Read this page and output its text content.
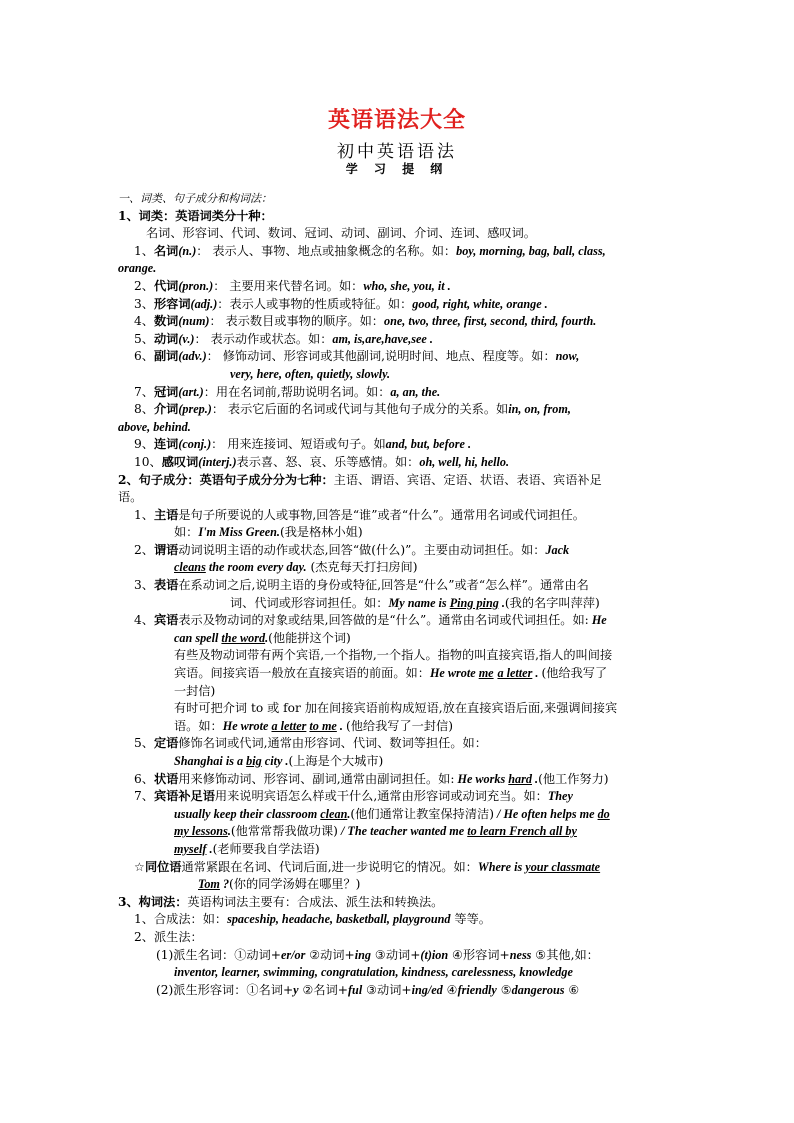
英语语法大全
初中英语语法
学 习 提 纲
一、词类、句子成分和构词法：
1、词类：英语词类分十种：
名词、形容词、代词、数词、冠词、动词、副词、介词、连词、感叹词。
1、名词(n.)： 表示人、事物、地点或抽象概念的名称。如：boy, morning, bag, ball, class,
orange.
2、代词(pron.)： 主要用来代替名词。如：who, she, you, it .
3、形容词(adj.)：表示人或事物的性质或特征。如：good, right, white, orange .
4、数词(num)： 表示数目或事物的顺序。如：one, two, three, first, second, third, fourth.
5、动词(v.)： 表示动作或状态。如：am, is,are,have,see .
6、副词(adv.)： 修饰动词、形容词或其他副词,说明时间、地点、程度等。如：now,
very, here, often, quietly, slowly.
7、冠词(art.)：用在名词前,帮助说明名词。如：a, an, the.
8、介词(prep.)： 表示它后面的名词或代词与其他句子成分的关系。如in, on, from,
above, behind.
9、连词(conj.)： 用来连接词、短语或句子。如and, but, before .
10、感叹词(interj.)表示喜、怒、哀、乐等感情。如：oh, well, hi, hello.
2、句子成分：英语句子成分分为七种：主语、谓语、宾语、定语、状语、表语、宾语补足
语。
1、主语是句子所要说的人或事物,回答是“谁”或者“什么”。通常用名词或代词担任。
如：I'm Miss Green.(我是格林小姐)
2、谓语动词说明主语的动作或状态,回答“做(什么)”。主要由动词担任。如：Jack
cleans the room every day. (杰克每天打扫房间)
3、表语在系动词之后,说明主语的身份或特征,回答是“什么”或者“怎么样”。通常由名
词、代词或形容词担任。如：My name is Ping ping .(我的名字叫萍萍)
4、宾语表示及物动词的对象或结果,回答做的是“什么”。通常由名词或代词担任。如: He
can spell the word.(他能拼这个词)
有些及物动词带有两个宾语,一个指物,一个指人。指物的叫直接宾语,指人的叫间接
宾语。间接宾语一般放在直接宾语的前面。如：He wrote me a letter . (他给我写了
一封信)
有时可把介词 to 或 for 加在间接宾语前构成短语,放在直接宾语后面,来强调间接宾
语。如：He wrote a letter to me . (他给我写了一封信)
5、定语修饰名词或代词,通常由形容词、代词、数词等担任。如：
Shanghai is a big city .(上海是个大城市)
6、状语用来修饰动词、形容词、副词,通常由副词担任。如: He works hard .(他工作努力)
7、宾语补足语用来说明宾语怎么样或干什么,通常由形容词或动词充当。如：They
usually keep their classroom clean.(他们通常让教室保持清洁) / He often helps me do
my lessons.(他常常帮我做功课) / The teacher wanted me to learn French all by
myself .(老师要我自学法语)
☆同位语通常紧跟在名词、代词后面,进一步说明它的情况。如：Where is your classmate
Tom ?(你的同学汤姆在哪里？)
3、构词法：英语构词法主要有：合成法、派生法和转换法。
1、合成法：如：spaceship, headache, basketball, playground 等等。
2、派生法：
(1)派生名词：①动词+er/or ②动词+ing ③动词+(t)ion ④形容词+ness ⑤其他,如：
inventor, learner, swimming, congratulation, kindness, carelessness, knowledge
(2)派生形容词：①名词+y ②名词+ful ③动词+ing/ed ④friendly ⑤dangerous ⑥
